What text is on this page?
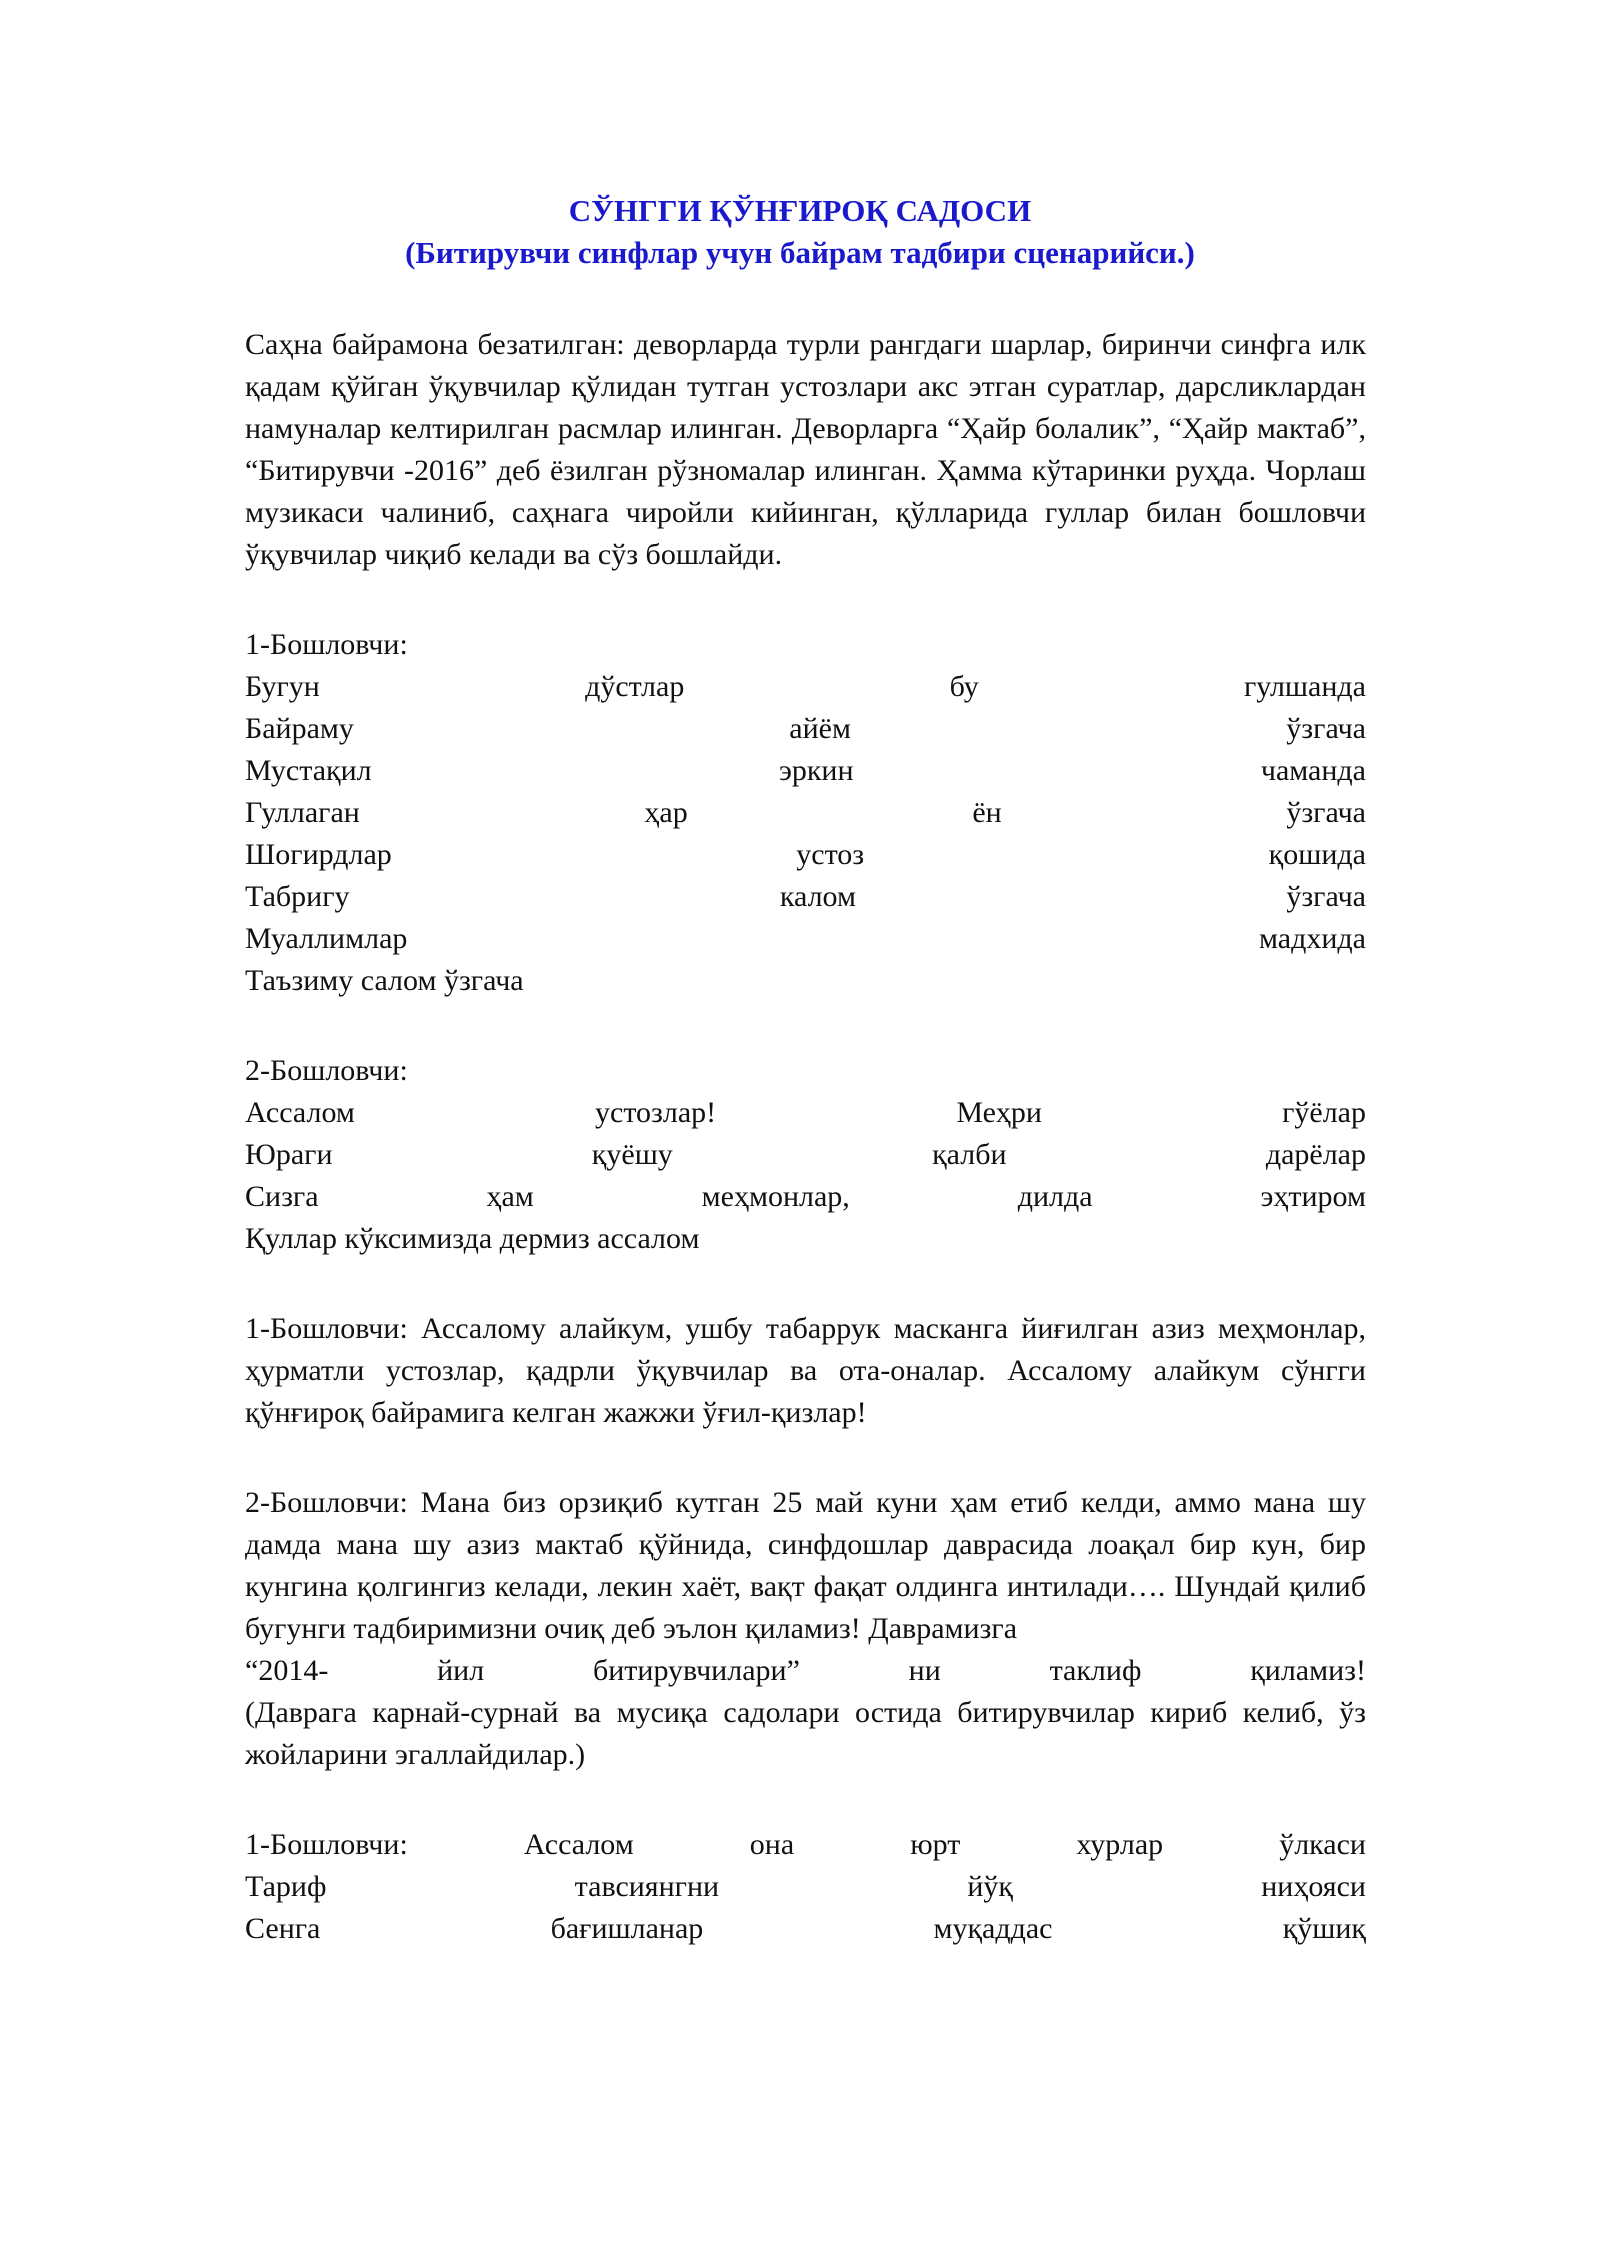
СЎНГГИ ҚЎНҒИРОҚ САДОСИ

(Битирувчи синфлар учун байрам тадбири сценарийси.)

Саҳна байрамона безатилган: деворларда турли рангдаги шарлар, биринчи синфга илк қадам қўйган ўқувчилар қўлидан тутган устозлари акс этган суратлар, дарсликлардан намуналар келтирилган расмлар илинган. Деворларга “Ҳайр болалик”, “Ҳайр мактаб”, “Битирувчи -2016” деб ёзилган рўзномалар илинган. Ҳамма кўтаринки руҳда. Чорлаш музикаси чалиниб, саҳнага чиройли кийинган, қўлларида гуллар билан бошловчи ўқувчилар чиқиб келади ва сўз бошлайди.

1-Бошловчи:

Бугун	дўстлар	бу	гулшанда
Байраму	айём	ўзгача
Мустақил	эркин	чаманда
Гуллаган	ҳар	ён	ўзгача
Шогирдлар	устоз	қошида
Табригу	калом	ўзгача
Муаллимлар	мадхида

Таъзиму салом ўзгача

2-Бошловчи:

Ассалом	устозлар!	Меҳри	гўёлар
Юраги	қуёшу	қалби	дарёлар
Сизга	ҳам	меҳмонлар,	дилда	эҳтиром

Қуллар кўксимизда дермиз ассалом

1-Бошловчи: Ассалому алайкум, ушбу табаррук масканга йиғилган азиз меҳмонлар, ҳурматли устозлар, қадрли ўқувчилар ва ота-оналар. Ассалому алайкум сўнгги қўнғироқ байрамига келган жажжи ўғил-қизлар!

2-Бошловчи: Мана биз орзиқиб кутган 25 май куни ҳам етиб келди, аммо мана шу дамда мана шу азиз мактаб қўйнида, синфдошлар даврасида лоақал бир кун, бир кунгина қолгингиз келади, лекин хаёт, вақт фақат олдинга интилади…. Шундай қилиб бугунги тадбиримизни очиқ деб эълон қиламиз! Даврамизга

“2014-	йил	битирувчилари”	ни	таклиф	қиламиз!

(Даврага карнай-сурнай ва мусиқа садолари остида битирувчилар кириб келиб, ўз жойларини эгаллайдилар.)

1-Бошловчи:	Ассалом	она	юрт	хурлар	ўлкаси
Тариф	тавсиянгни	йўқ	ниҳояси
Сенга	бағишланар	муқаддас	қўшиқ
